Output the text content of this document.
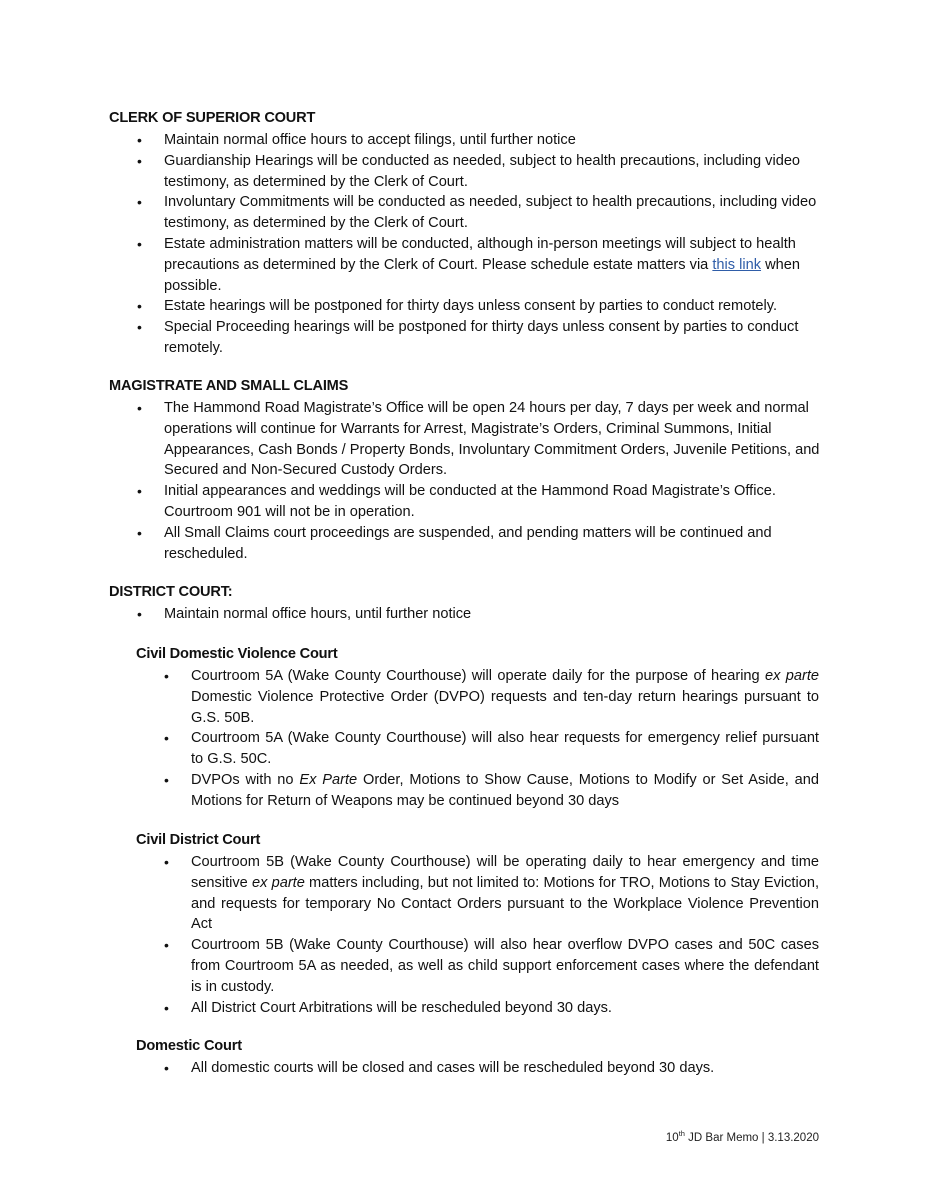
CLERK OF SUPERIOR COURT
• Maintain normal office hours to accept filings, until further notice
• Guardianship Hearings will be conducted as needed, subject to health precautions, including video testimony, as determined by the Clerk of Court.
• Involuntary Commitments will be conducted as needed, subject to health precautions, including video testimony, as determined by the Clerk of Court.
• Estate administration matters will be conducted, although in-person meetings will subject to health precautions as determined by the Clerk of Court. Please schedule estate matters via this link when possible.
• Estate hearings will be postponed for thirty days unless consent by parties to conduct remotely.
• Special Proceeding hearings will be postponed for thirty days unless consent by parties to conduct remotely.
MAGISTRATE AND SMALL CLAIMS
• The Hammond Road Magistrate’s Office will be open 24 hours per day, 7 days per week and normal operations will continue for Warrants for Arrest, Magistrate’s Orders, Criminal Summons, Initial Appearances, Cash Bonds / Property Bonds, Involuntary Commitment Orders, Juvenile Petitions, and Secured and Non-Secured Custody Orders.
• Initial appearances and weddings will be conducted at the Hammond Road Magistrate’s Office. Courtroom 901 will not be in operation.
• All Small Claims court proceedings are suspended, and pending matters will be continued and rescheduled.
DISTRICT COURT:
• Maintain normal office hours, until further notice
Civil Domestic Violence Court
• Courtroom 5A (Wake County Courthouse) will operate daily for the purpose of hearing ex parte Domestic Violence Protective Order (DVPO) requests and ten-day return hearings pursuant to G.S. 50B.
• Courtroom 5A (Wake County Courthouse) will also hear requests for emergency relief pursuant to G.S. 50C.
• DVPOs with no Ex Parte Order, Motions to Show Cause, Motions to Modify or Set Aside, and Motions for Return of Weapons may be continued beyond 30 days
Civil District Court
• Courtroom 5B (Wake County Courthouse) will be operating daily to hear emergency and time sensitive ex parte matters including, but not limited to: Motions for TRO, Motions to Stay Eviction, and requests for temporary No Contact Orders pursuant to the Workplace Violence Prevention Act
• Courtroom 5B (Wake County Courthouse) will also hear overflow DVPO cases and 50C cases from Courtroom 5A as needed, as well as child support enforcement cases where the defendant is in custody.
• All District Court Arbitrations will be rescheduled beyond 30 days.
Domestic Court
• All domestic courts will be closed and cases will be rescheduled beyond 30 days.
10th JD Bar Memo | 3.13.2020
